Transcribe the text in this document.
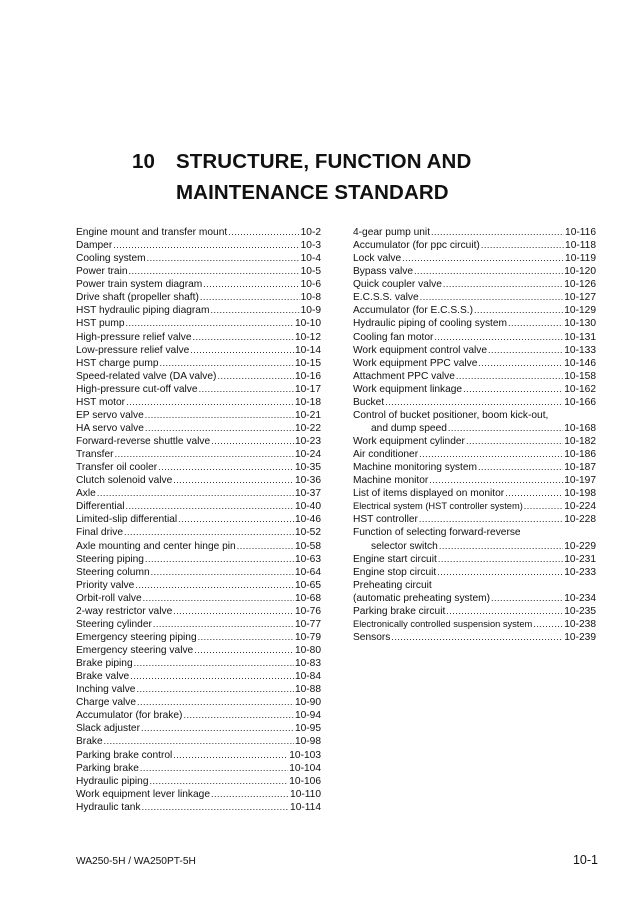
10	STRUCTURE, FUNCTION AND
MAINTENANCE STANDARD
Engine mount and transfer mount .....	10-2
Damper .....	10-3
Cooling system .....	10-4
Power train .....	10-5
Power train system diagram .....	10-6
Drive shaft (propeller shaft) .....	10-8
HST hydraulic piping diagram .....	10-9
HST pump .....	10-10
High-pressure relief valve .....	10-12
Low-pressure relief valve .....	10-14
HST charge pump .....	10-15
Speed-related valve (DA valve) .....	10-16
High-pressure cut-off valve .....	10-17
HST motor .....	10-18
EP servo valve .....	10-21
HA servo valve .....	10-22
Forward-reverse shuttle valve .....	10-23
Transfer .....	10-24
Transfer oil cooler .....	10-35
Clutch solenoid valve .....	10-36
Axle .....	10-37
Differential .....	10-40
Limited-slip differential .....	10-46
Final drive .....	10-52
Axle mounting and center hinge pin .....	10-58
Steering piping .....	10-63
Steering column .....	10-64
Priority valve .....	10-65
Orbit-roll valve .....	10-68
2-way restrictor valve .....	10-76
Steering cylinder .....	10-77
Emergency steering piping .....	10-79
Emergency steering valve .....	10-80
Brake piping .....	10-83
Brake valve .....	10-84
Inching valve .....	10-88
Charge valve .....	10-90
Accumulator (for brake) .....	10-94
Slack adjuster .....	10-95
Brake .....	10-98
Parking brake control .....	10-103
Parking brake .....	10-104
Hydraulic piping .....	10-106
Work equipment lever linkage .....	10-110
Hydraulic tank .....	10-114
4-gear pump unit .....	10-116
Accumulator (for ppc circuit) .....	10-118
Lock valve .....	10-119
Bypass valve .....	10-120
Quick coupler valve .....	10-126
E.C.S.S. valve .....	10-127
Accumulator (for E.C.S.S.) .....	10-129
Hydraulic piping of cooling system .....	10-130
Cooling fan motor .....	10-131
Work equipment control valve .....	10-133
Work equipment PPC valve .....	10-146
Attachment PPC valve .....	10-158
Work equipment linkage .....	10-162
Bucket .....	10-166
Control of bucket positioner, boom kick-out,
and dump speed .....	10-168
Work equipment cylinder .....	10-182
Air conditioner .....	10-186
Machine monitoring system .....	10-187
Machine monitor .....	10-197
List of items displayed on monitor .....	10-198
Electrical system (HST controller system) .....	10-224
HST controller .....	10-228
Function of selecting forward-reverse
selector switch .....	10-229
Engine start circuit .....	10-231
Engine stop circuit .....	10-233
Preheating circuit
(automatic preheating system) .....	10-234
Parking brake circuit .....	10-235
Electronically controlled suspension system .....	10-238
Sensors .....	10-239
WA250-5H / WA250PT-5H	10-1
